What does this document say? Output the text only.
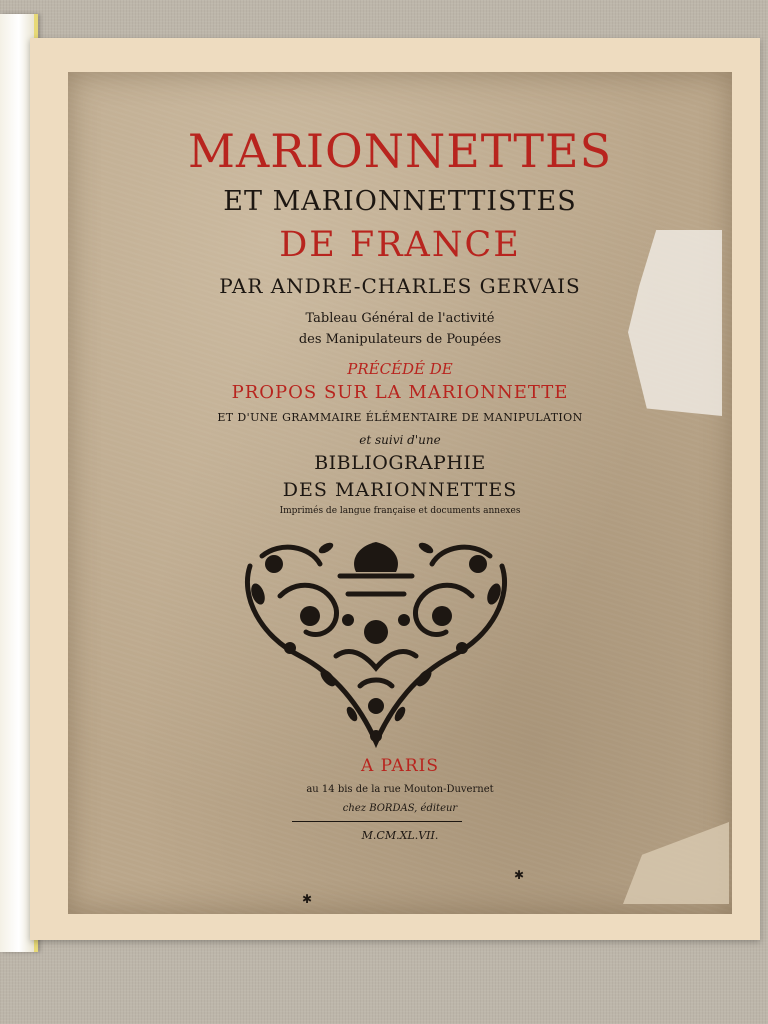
MARIONNETTES
ET MARIONNETTISTES
DE FRANCE
PAR ANDRE-CHARLES GERVAIS
Tableau Général de l'activité
des Manipulateurs de Poupées
PRÉCÉDÉ DE
PROPOS SUR LA MARIONNETTE
ET D'UNE GRAMMAIRE ÉLÉMENTAIRE DE MANIPULATION
et suivi d'une
BIBLIOGRAPHIE
DES MARIONNETTES
Imprimés de langue française et documents annexes
A PARIS
au 14 bis de la rue Mouton-Duvernet
chez BORDAS, éditeur
M.CM.XL.VII.
✱
✱
